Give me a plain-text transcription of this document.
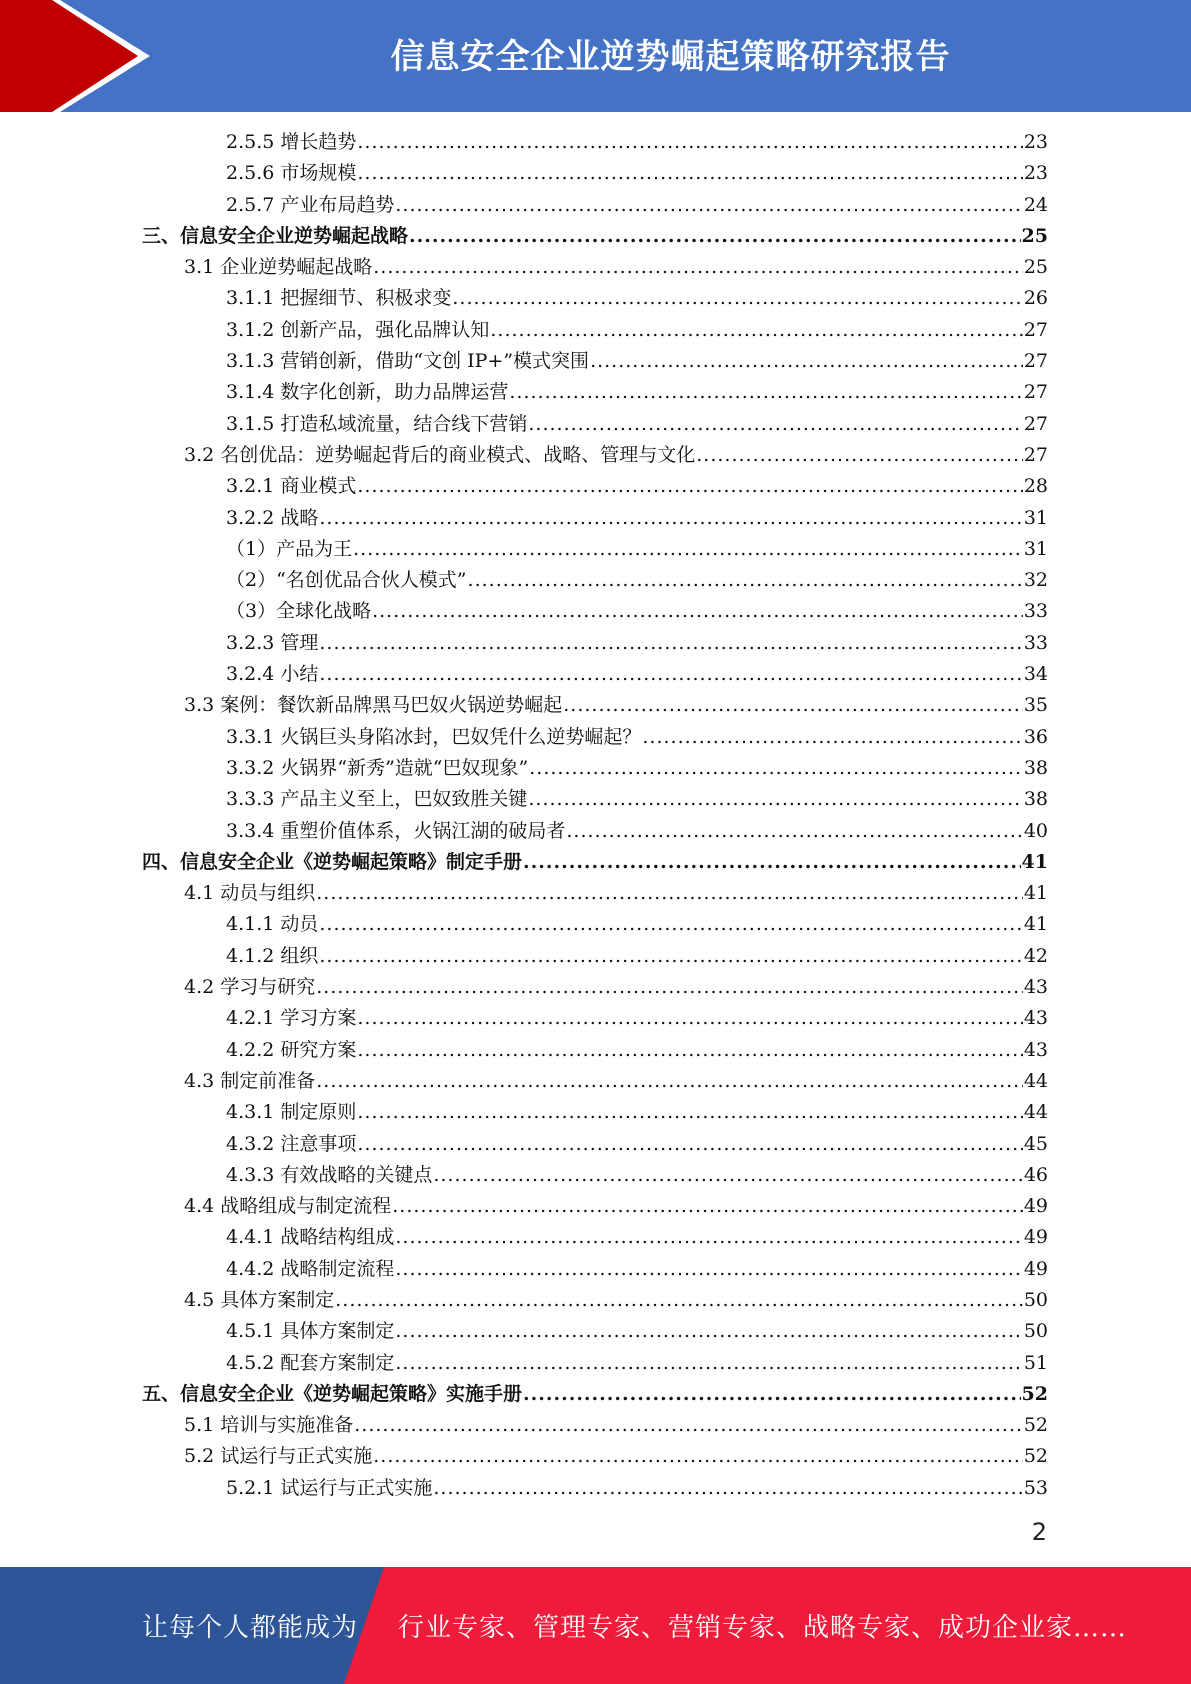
信息安全企业逆势崛起策略研究报告
2.5.5 增长趋势 .....	23
2.5.6 市场规模 .....	23
2.5.7 产业布局趋势 .....	24
三、信息安全企业逆势崛起战略 .....	25
3.1 企业逆势崛起战略 .....	25
3.1.1 把握细节、积极求变 .....	26
3.1.2 创新产品，强化品牌认知 .....	27
3.1.3 营销创新，借助“文创 IP+”模式突围 .....	27
3.1.4 数字化创新，助力品牌运营 .....	27
3.1.5 打造私域流量，结合线下营销 .....	27
3.2 名创优品：逆势崛起背后的商业模式、战略、管理与文化 .....	27
3.2.1 商业模式 .....	28
3.2.2 战略 .....	31
（1）产品为王 .....	31
（2）“名创优品合伙人模式” .....	32
（3）全球化战略 .....	33
3.2.3 管理 .....	33
3.2.4 小结 .....	34
3.3 案例：餐饮新品牌黑马巴奴火锅逆势崛起 .....	35
3.3.1 火锅巨头身陷冰封，巴奴凭什么逆势崛起？ .....	36
3.3.2 火锅界“新秀”造就“巴奴现象” .....	38
3.3.3 产品主义至上，巴奴致胜关键 .....	38
3.3.4 重塑价值体系，火锅江湖的破局者 .....	40
四、信息安全企业《逆势崛起策略》制定手册 .....	41
4.1 动员与组织 .....	41
4.1.1 动员 .....	41
4.1.2 组织 .....	42
4.2 学习与研究 .....	43
4.2.1 学习方案 .....	43
4.2.2 研究方案 .....	43
4.3 制定前准备 .....	44
4.3.1 制定原则 .....	44
4.3.2 注意事项 .....	45
4.3.3 有效战略的关键点 .....	46
4.4 战略组成与制定流程 .....	49
4.4.1 战略结构组成 .....	49
4.4.2 战略制定流程 .....	49
4.5 具体方案制定 .....	50
4.5.1 具体方案制定 .....	50
4.5.2 配套方案制定 .....	51
五、信息安全企业《逆势崛起策略》实施手册 .....	52
5.1 培训与实施准备 .....	52
5.2 试运行与正式实施 .....	52
5.2.1 试运行与正式实施 .....	53
2
让每个人都能成为 行业专家、管理专家、营销专家、战略专家、成功企业家……
